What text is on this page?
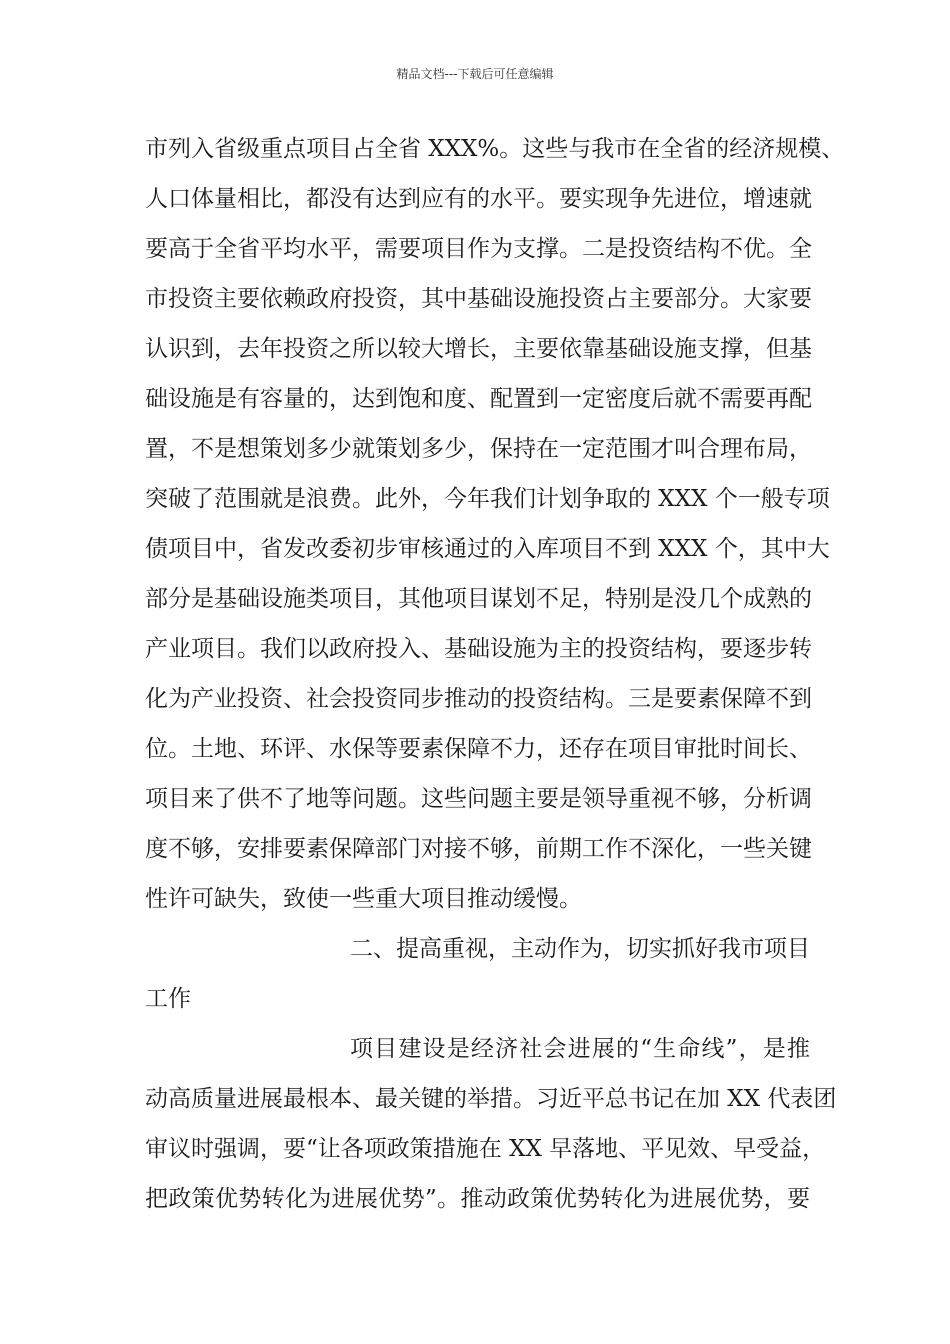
精品文档---下载后可任意编辑
市列入省级重点项目占全省 XXX%。这些与我市在全省的经济规模、
人口体量相比，都没有达到应有的水平。要实现争先进位，增速就
要高于全省平均水平，需要项目作为支撑。二是投资结构不优。全
市投资主要依赖政府投资，其中基础设施投资占主要部分。大家要
认识到，去年投资之所以较大增长，主要依靠基础设施支撑，但基
础设施是有容量的，达到饱和度、配置到一定密度后就不需要再配
置，不是想策划多少就策划多少，保持在一定范围才叫合理布局，
突破了范围就是浪费。此外，今年我们计划争取的 XXX 个一般专项
债项目中，省发改委初步审核通过的入库项目不到 XXX 个，其中大
部分是基础设施类项目，其他项目谋划不足，特别是没几个成熟的
产业项目。我们以政府投入、基础设施为主的投资结构，要逐步转
化为产业投资、社会投资同步推动的投资结构。三是要素保障不到
位。土地、环评、水保等要素保障不力，还存在项目审批时间长、
项目来了供不了地等问题。这些问题主要是领导重视不够，分析调
度不够，安排要素保障部门对接不够，前期工作不深化，一些关键
性许可缺失，致使一些重大项目推动缓慢。
二、提高重视，主动作为，切实抓好我市项目
工作
项目建设是经济社会进展的“生命线”，是推
动高质量进展最根本、最关键的举措。习近平总书记在加 XX 代表团
审议时强调，要“让各项政策措施在 XX 早落地、平见效、早受益，
把政策优势转化为进展优势”。推动政策优势转化为进展优势，要
